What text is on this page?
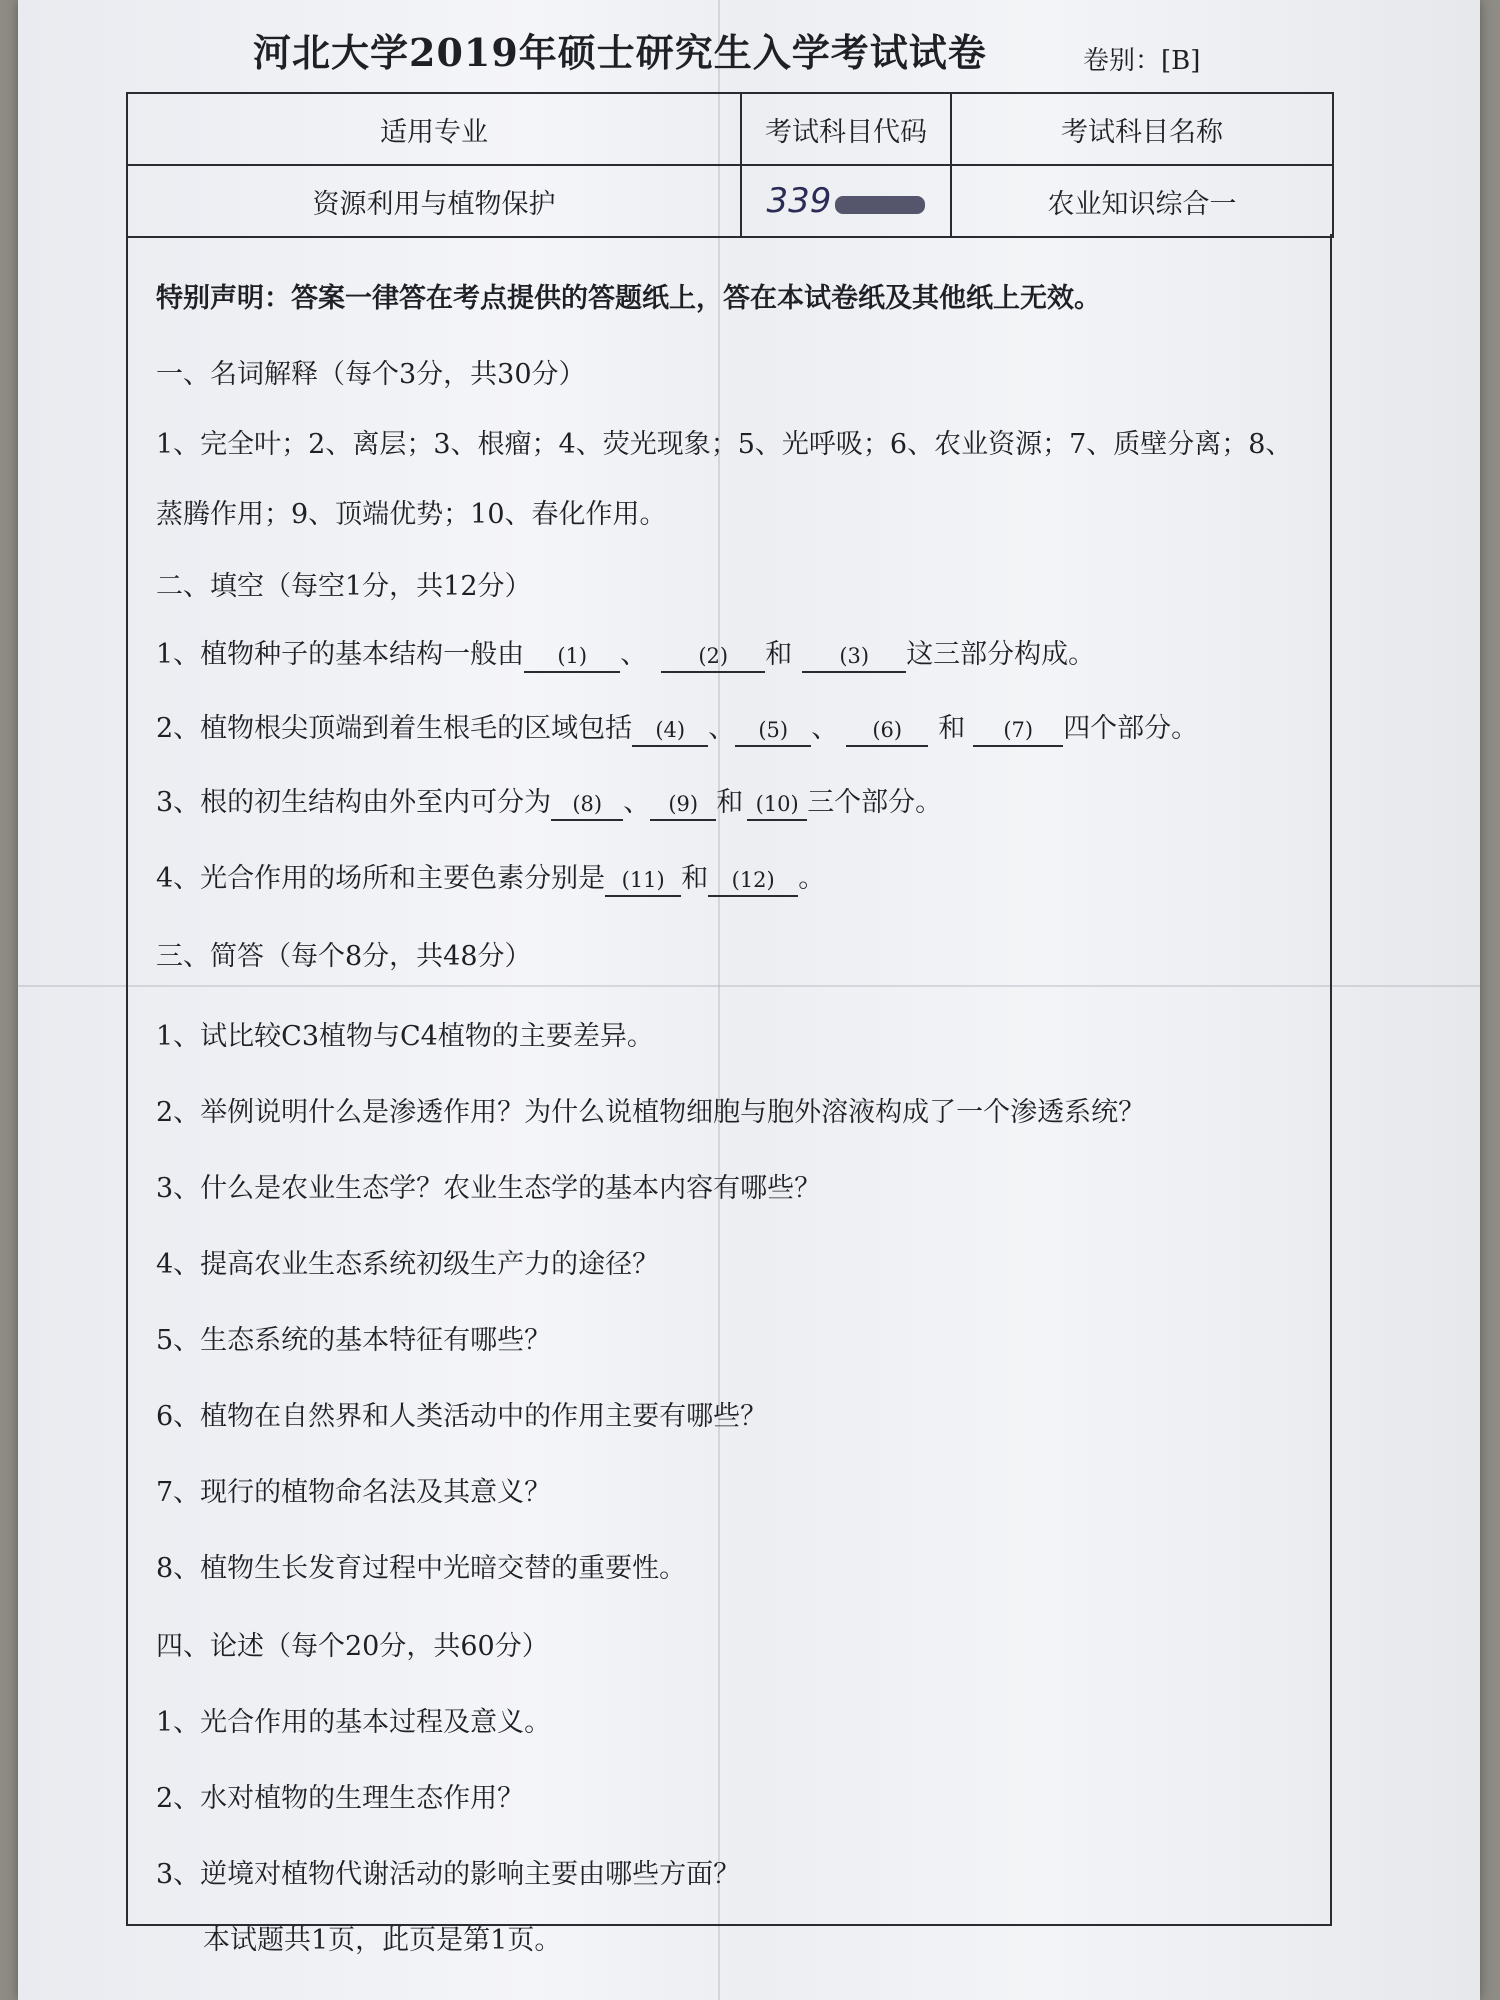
河北大学2019年硕士研究生入学考试试卷	卷别：[B]
适用专业	考试科目代码	考试科目名称
资源利用与植物保护	339	农业知识综合一
特别声明：答案一律答在考点提供的答题纸上，答在本试卷纸及其他纸上无效。
一、名词解释（每个3分，共30分）
1、完全叶；2、离层；3、根瘤；4、荧光现象；5、光呼吸；6、农业资源；7、质壁分离；8、
蒸腾作用；9、顶端优势；10、春化作用。
二、填空（每空1分，共12分）
1、植物种子的基本结构一般由 (1) 、 (2) 和 (3) 这三部分构成。
2、植物根尖顶端到着生根毛的区域包括 (4) 、 (5) 、 (6) 和 (7) 四个部分。
3、根的初生结构由外至内可分为 (8) 、 (9) 和 (10) 三个部分。
4、光合作用的场所和主要色素分别是 (11) 和 (12) 。
三、简答（每个8分，共48分）
1、试比较C3植物与C4植物的主要差异。
2、举例说明什么是渗透作用？为什么说植物细胞与胞外溶液构成了一个渗透系统？
3、什么是农业生态学？农业生态学的基本内容有哪些？
4、提高农业生态系统初级生产力的途径？
5、生态系统的基本特征有哪些？
6、植物在自然界和人类活动中的作用主要有哪些？
7、现行的植物命名法及其意义？
8、植物生长发育过程中光暗交替的重要性。
四、论述（每个20分，共60分）
1、光合作用的基本过程及意义。
2、水对植物的生理生态作用？
3、逆境对植物代谢活动的影响主要由哪些方面？
本试题共1页，此页是第1页。
